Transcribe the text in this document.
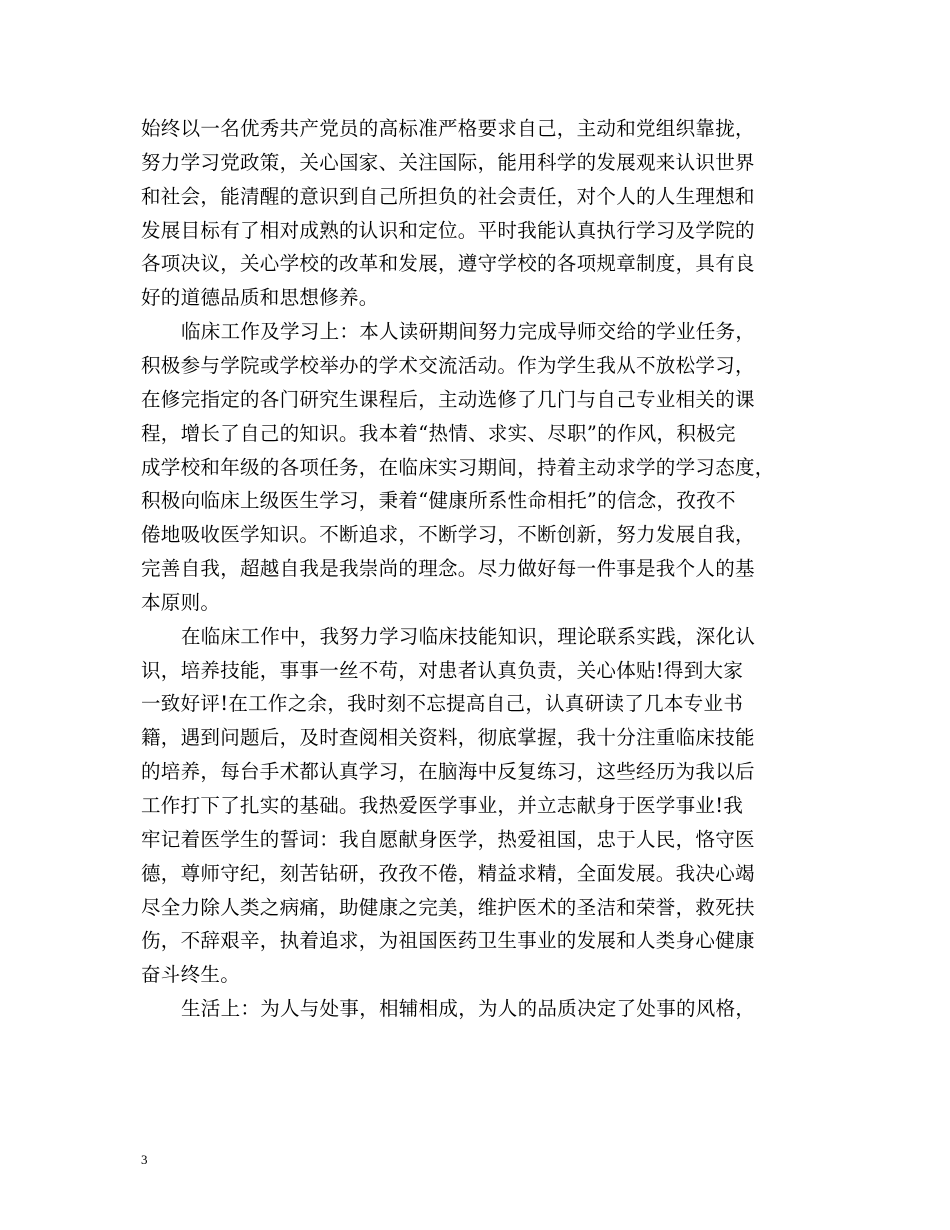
始终以一名优秀共产党员的高标准严格要求自己，主动和党组织靠拢，

努力学习党政策，关心国家、关注国际，能用科学的发展观来认识世界

和社会，能清醒的意识到自己所担负的社会责任，对个人的人生理想和

发展目标有了相对成熟的认识和定位。平时我能认真执行学习及学院的

各项决议，关心学校的改革和发展，遵守学校的各项规章制度，具有良

好的道德品质和思想修养。

临床工作及学习上：本人读研期间努力完成导师交给的学业任务，

积极参与学院或学校举办的学术交流活动。作为学生我从不放松学习，

在修完指定的各门研究生课程后，主动选修了几门与自己专业相关的课

程，增长了自己的知识。我本着“热情、求实、尽职”的作风，积极完

成学校和年级的各项任务，在临床实习期间，持着主动求学的学习态度，

积极向临床上级医生学习，秉着“健康所系性命相托”的信念，孜孜不

倦地吸收医学知识。不断追求，不断学习，不断创新，努力发展自我，

完善自我，超越自我是我崇尚的理念。尽力做好每一件事是我个人的基

本原则。

在临床工作中，我努力学习临床技能知识，理论联系实践，深化认

识，培养技能，事事一丝不苟，对患者认真负责，关心体贴!得到大家

一致好评!在工作之余，我时刻不忘提高自己，认真研读了几本专业书

籍，遇到问题后，及时查阅相关资料，彻底掌握，我十分注重临床技能

的培养，每台手术都认真学习，在脑海中反复练习，这些经历为我以后

工作打下了扎实的基础。我热爱医学事业，并立志献身于医学事业!我

牢记着医学生的誓词：我自愿献身医学，热爱祖国，忠于人民，恪守医

德，尊师守纪，刻苦钻研，孜孜不倦，精益求精，全面发展。我决心竭

尽全力除人类之病痛，助健康之完美，维护医术的圣洁和荣誉，救死扶

伤，不辞艰辛，执着追求，为祖国医药卫生事业的发展和人类身心健康

奋斗终生。

生活上：为人与处事，相辅相成，为人的品质决定了处事的风格，

3
